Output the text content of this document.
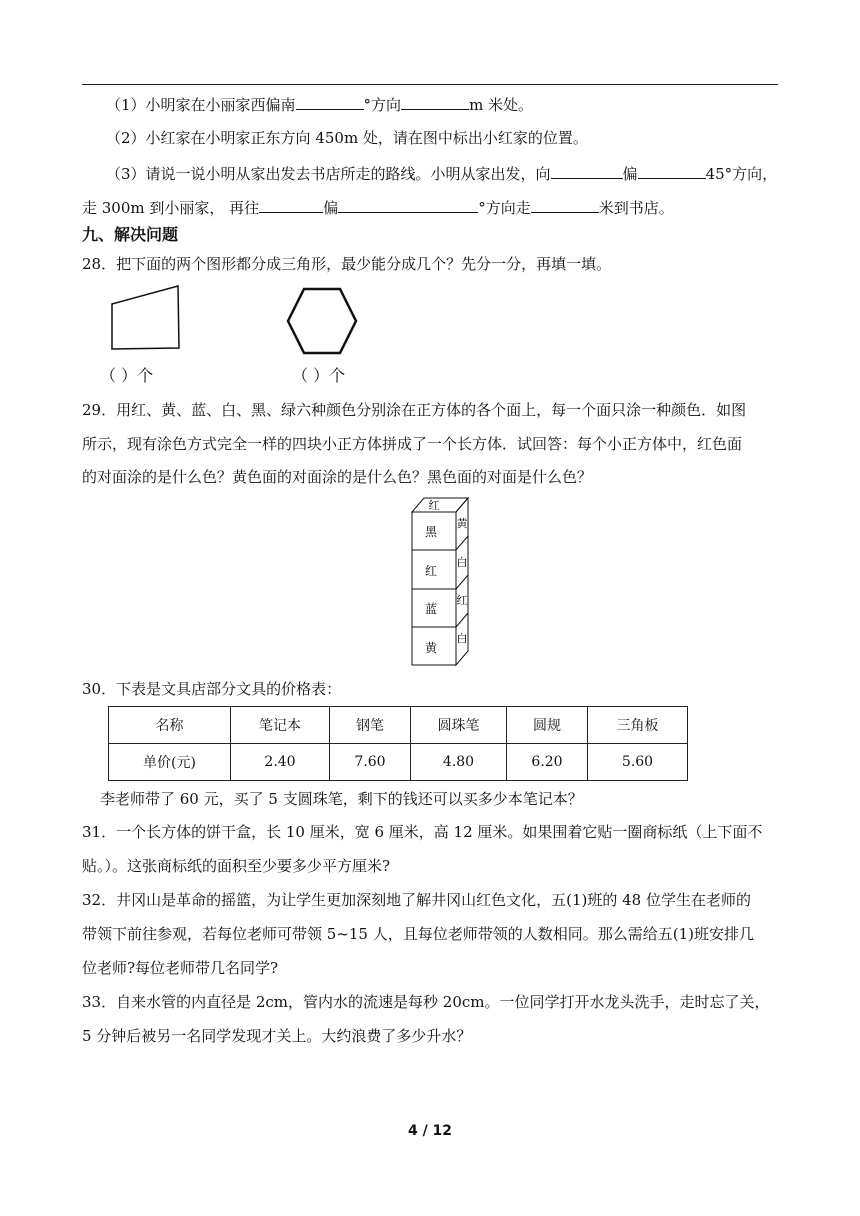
（1）小明家在小丽家西偏南	°方向	m 米处。
（2）小红家在小明家正东方向 450m 处，请在图中标出小红家的位置。
（3）请说一说小明从家出发去书店所走的路线。小明从家出发，向	偏	45°方向，
走 300m 到小丽家， 再往	偏	°方向走	米到书店。
九、解决问题
28．把下面的两个图形都分成三角形，最少能分成几个？先分一分，再填一填。
（ ）个	（ ）个
29．用红、黄、蓝、白、黑、绿六种颜色分别涂在正方体的各个面上，每一个面只涂一种颜色．如图
所示，现有涂色方式完全一样的四块小正方体拼成了一个长方体．试回答：每个小正方体中，红色面
的对面涂的是什么色？黄色面的对面涂的是什么色？黑色面的对面是什么色？
红
黑
红
蓝
黄
黄
白
红
白
30．下表是文具店部分文具的价格表：
名称	笔记本	钢笔	圆珠笔	圆规	三角板
单价(元)	2.40	7.60	4.80	6.20	5.60
李老师带了 60 元，买了 5 支圆珠笔，剩下的钱还可以买多少本笔记本？
31．一个长方体的饼干盒，长 10 厘米，宽 6 厘米，高 12 厘米。如果围着它贴一圈商标纸（上下面不
贴。）。这张商标纸的面积至少要多少平方厘米?
32．井冈山是革命的摇篮，为让学生更加深刻地了解井冈山红色文化，五(1)班的 48 位学生在老师的
带领下前往参观，若每位老师可带领 5~15 人，且每位老师带领的人数相同。那么需给五(1)班安排几
位老师?每位老师带几名同学?
33．自来水管的内直径是 2cm，管内水的流速是每秒 20cm。一位同学打开水龙头洗手，走时忘了关，
5 分钟后被另一名同学发现才关上。大约浪费了多少升水？
4 / 12
